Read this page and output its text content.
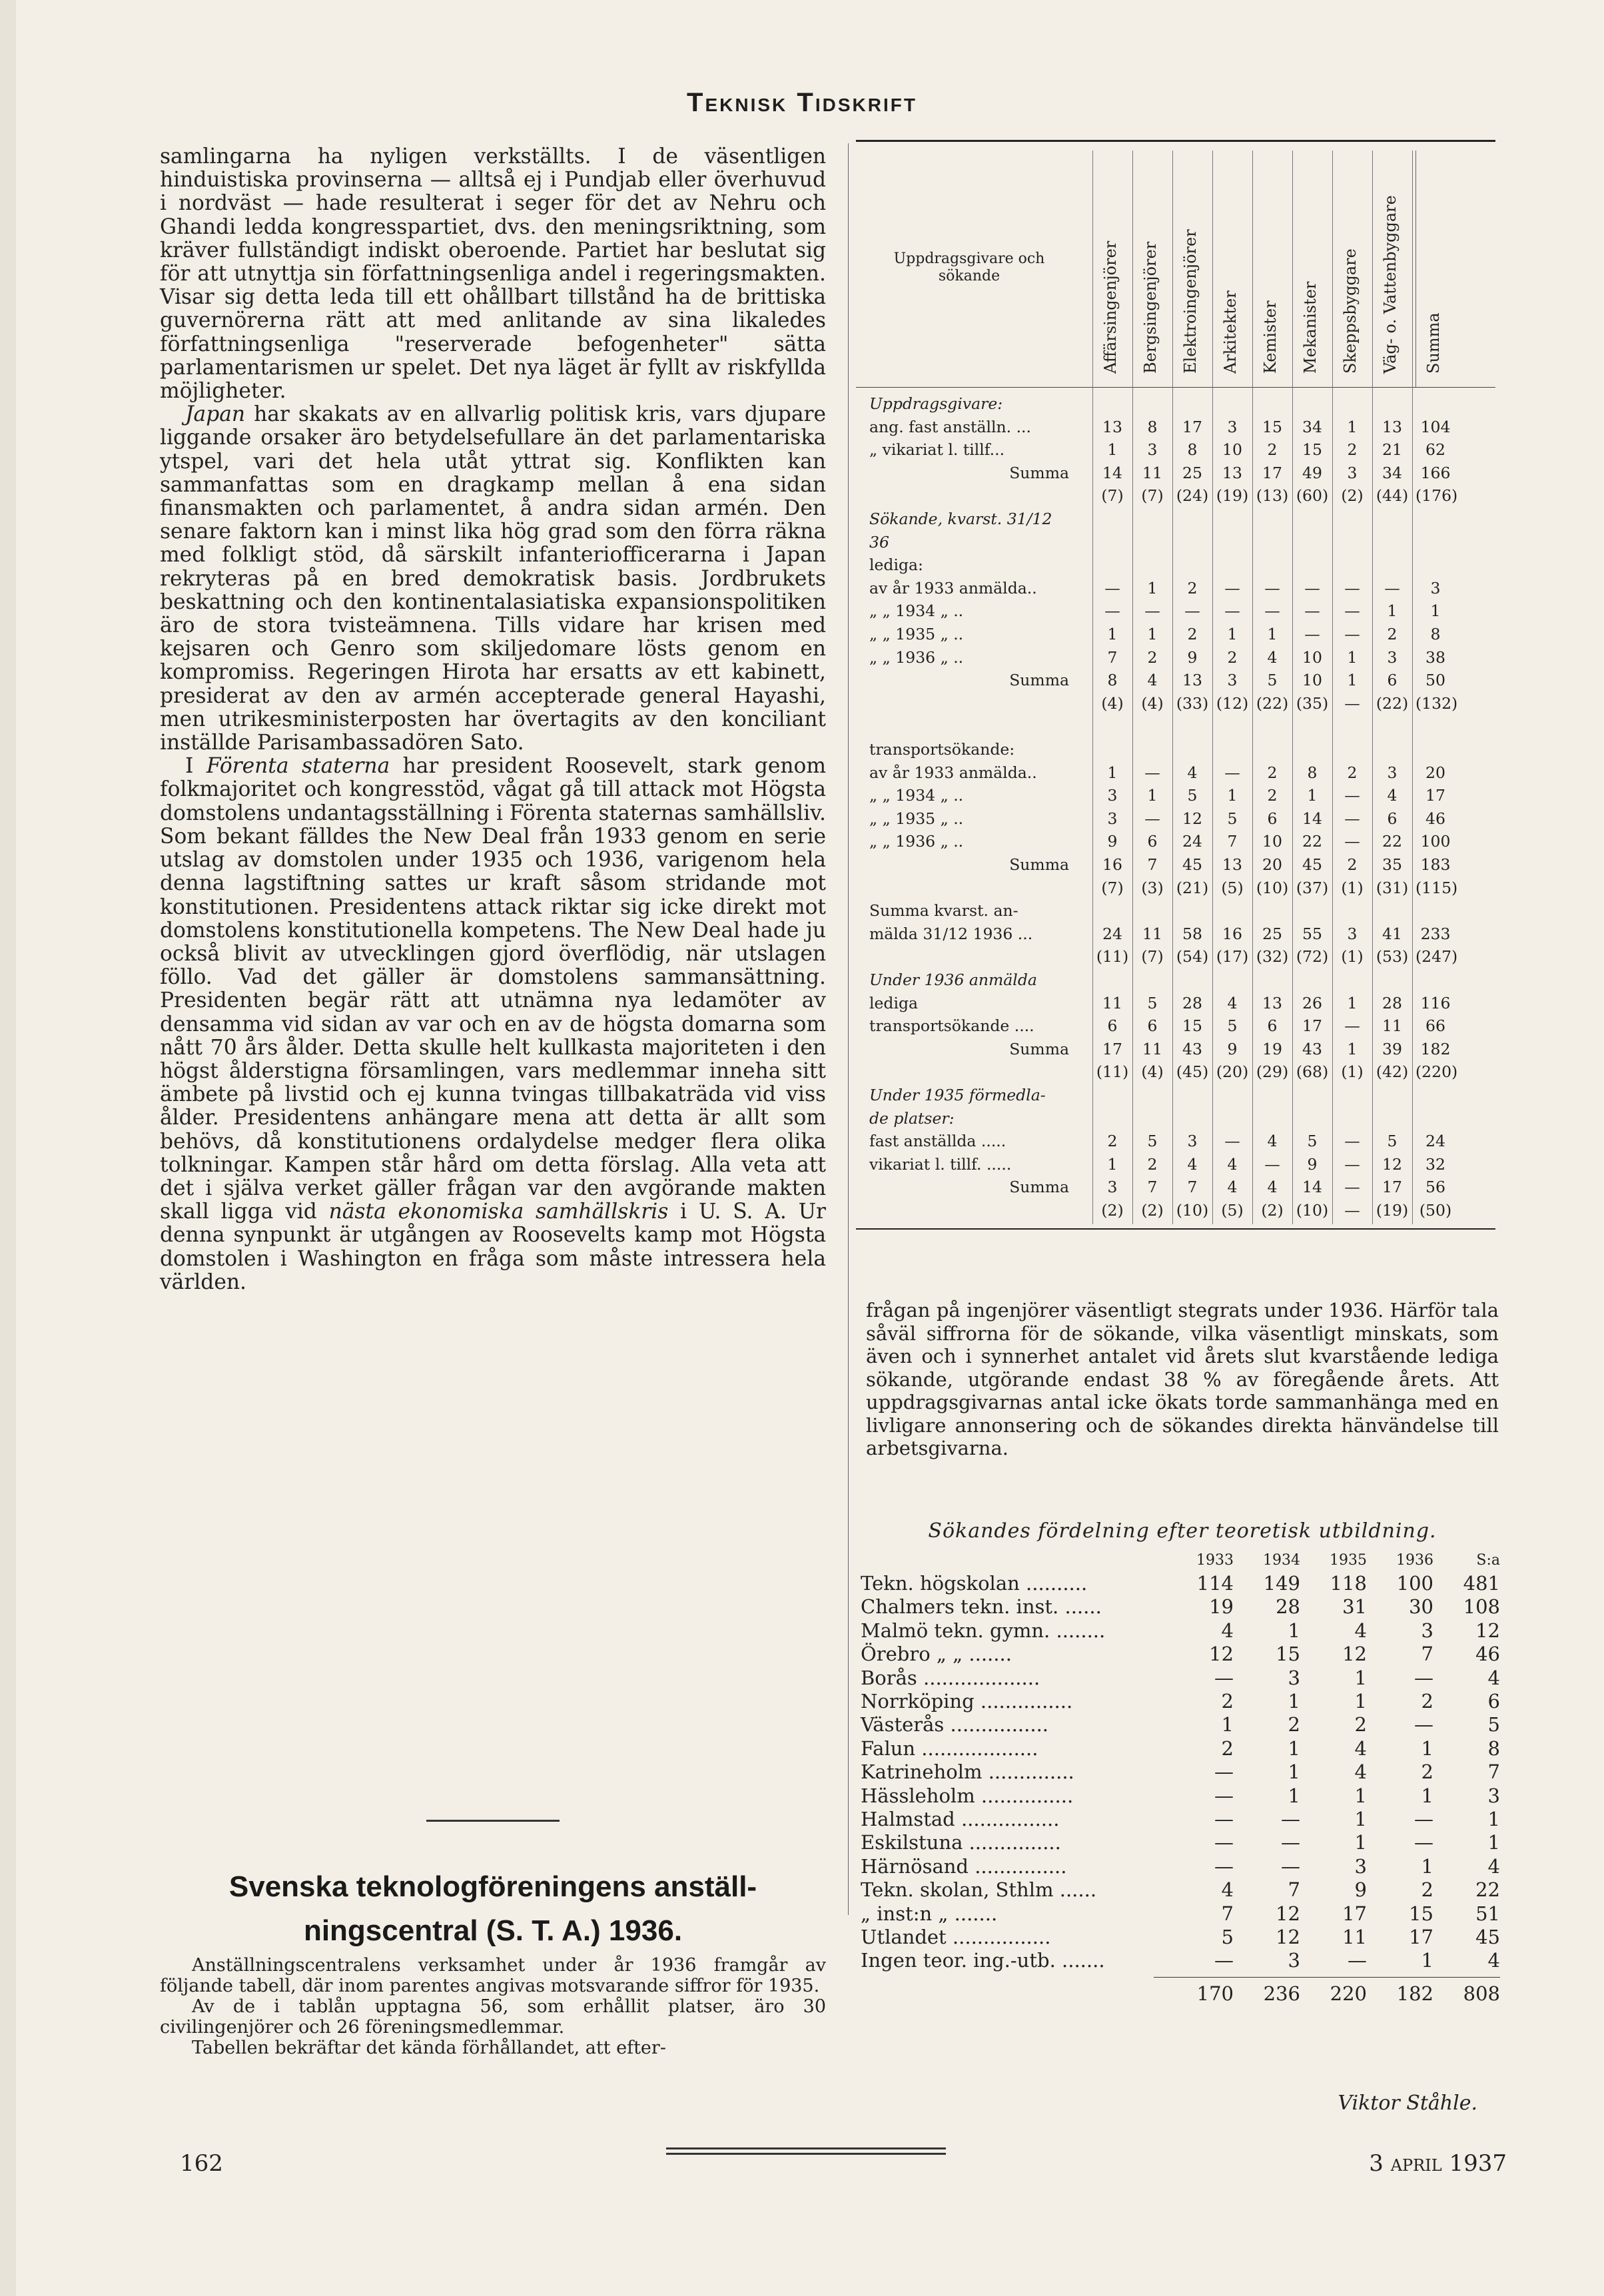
Teknisk Tidskrift

samlingarna ha nyligen verkställts. I de väsentligen hinduistiska provinserna — alltså ej i Pundjab eller överhuvud i nordväst — hade resulterat i seger för det av Nehru och Ghandi ledda kongresspartiet, dvs. den meningsriktning, som kräver fullständigt indiskt oberoende. Partiet har beslutat sig för att utnyttja sin författningsenliga andel i regeringsmakten. Visar sig detta leda till ett ohållbart tillstånd ha de brittiska guvernörerna rätt att med anlitande av sina likaledes författningsenliga "reserverade befogenheter" sätta parlamentarismen ur spelet. Det nya läget är fyllt av riskfyllda möjligheter.

Japan har skakats av en allvarlig politisk kris, vars djupare liggande orsaker äro betydelsefullare än det parlamentariska ytspel, vari det hela utåt yttrat sig. Konflikten kan sammanfattas som en dragkamp mellan å ena sidan finansmakten och parlamentet, å andra sidan armén. Den senare faktorn kan i minst lika hög grad som den förra räkna med folkligt stöd, då särskilt infanteriofficerarna i Japan rekryteras på en bred demokratisk basis. Jordbrukets beskattning och den kontinentalasiatiska expansionspolitiken äro de stora tvisteämnena. Tills vidare har krisen med kejsaren och Genro som skiljedomare lösts genom en kompromiss. Regeringen Hirota har ersatts av ett kabinett, presiderat av den av armén accepterade general Hayashi, men utrikesministerposten har övertagits av den konciliant inställde Parisambassadören Sato.

I Förenta staterna har president Roosevelt, stark genom folkmajoritet och kongresstöd, vågat gå till attack mot Högsta domstolens undantagsställning i Förenta staternas samhällsliv. Som bekant fälldes the New Deal från 1933 genom en serie utslag av domstolen under 1935 och 1936, varigenom hela denna lagstiftning sattes ur kraft såsom stridande mot konstitutionen. Presidentens attack riktar sig icke direkt mot domstolens konstitutionella kompetens. The New Deal hade ju också blivit av utvecklingen gjord överflödig, när utslagen föllo. Vad det gäller är domstolens sammansättning. Presidenten begär rätt att utnämna nya ledamöter av densamma vid sidan av var och en av de högsta domarna som nått 70 års ålder. Detta skulle helt kullkasta majoriteten i den högst ålderstigna församlingen, vars medlemmar inneha sitt ämbete på livstid och ej kunna tvingas tillbakaträda vid viss ålder. Presidentens anhängare mena att detta är allt som behövs, då konstitutionens ordalydelse medger flera olika tolkningar. Kampen står hård om detta förslag. Alla veta att det i själva verket gäller frågan var den avgörande makten skall ligga vid nästa ekonomiska samhällskris i U. S. A. Ur denna synpunkt är utgången av Roosevelts kamp mot Högsta domstolen i Washington en fråga som måste intressera hela världen.

Svenska teknologföreningens anställ-
ningscentral (S. T. A.) 1936.

Anställningscentralens verksamhet under år 1936 framgår av följande tabell, där inom parentes angivas motsvarande siffror för 1935.

Av de i tablån upptagna 56, som erhållit platser, äro 30 civilingenjörer och 26 föreningsmedlemmar.

Tabellen bekräftar det kända förhållandet, att efter-

Uppdragsgivare och sökande	Affärsingenjörer Bergsingenjörer Elektroingenjörer Arkitekter Kemister Mekanister Skeppsbyggare Väg- o. Vattenbyggare Summa
Uppdragsgivare:
ang. fast anställn. ...	13	8	17	3	15	34	1	13	104
„ vikariat l. tillf...	1	3	8	10	2	15	2	21	62
Summa	14	11	25	13	17	49	3	34	166
(7)	(7) (24) (19) (13) (60) (2) (44) (176)
Sökande, kvarst. 31/12
36
lediga:
av år 1933 anmälda..	—	1	2	—	—	—	—	—	3
„ „ 1934 „ ..	—	—	—	—	—	—	—	1	1
„ „ 1935 „ ..	1	1	2	1	1	—	—	2	8
„ „ 1936 „ ..	7	2	9	2	4	10	1	3	38
Summa	8	4	13	3	5	10	1	6	50
(4)	(4) (33) (12) (22) (35)	—	(22) (132)
transportsökande:
av år 1933 anmälda..	1	—	4	—	2	8	2	3	20
„ „ 1934 „ ..	3	1	5	1	2	1	—	4	17
„ „ 1935 „ ..	3	—	12	5	6	14	—	6	46
„ „ 1936 „ ..	9	6	24	7	10	22	—	22	100
Summa	16	7	45	13	20	45	2	35	183
(7)	(3) (21) (5) (10) (37) (1) (31) (115)
Summa kvarst. an-
mälda 31/12 1936 ...	24	11	58	16	25	55	3	41	233
(11) (7) (54) (17) (32) (72) (1) (53) (247)
Under 1936 anmälda
lediga	11	5	28	4	13	26	1	28	116
transportsökande ....	6	6	15	5	6	17	—	11	66
Summa	17	11	43	9	19	43	1	39	182
(11) (4) (45) (20) (29) (68) (1) (42) (220)
Under 1935 förmedla-
de platser:
fast anställda .....	2	5	3	—	4	5	—	5	24
vikariat l. tillf. .....	1	2	4	4	—	9	—	12	32
Summa	3	7	7	4	4	14	—	17	56
(2)	(2) (10) (5)	(2) (10)	—	(19) (50)

frågan på ingenjörer väsentligt stegrats under 1936. Härför tala såväl siffrorna för de sökande, vilka väsentligt minskats, som även och i synnerhet antalet vid årets slut kvarstående lediga sökande, utgörande endast 38 % av föregående årets. Att uppdragsgivarnas antal icke ökats torde sammanhänga med en livligare annonsering och de sökandes direkta hänvändelse till arbetsgivarna.

Sökandes fördelning efter teoretisk utbildning.
1933	1934	1935	1936	S:a
Tekn. högskolan ..........	114	149	118	100	481
Chalmers tekn. inst. ......	19	28	31	30	108
Malmö tekn. gymn. ........	4	1	4	3	12
Örebro „ „ .......	12	15	12	7	46
Borås ...................	—	3	1	—	4
Norrköping ...............	2	1	1	2	6
Västerås ................	1	2	2	—	5
Falun ...................	2	1	4	1	8
Katrineholm ..............	—	1	4	2	7
Hässleholm ...............	—	1	1	1	3
Halmstad ................	—	—	1	—	1
Eskilstuna ...............	—	—	1	—	1
Härnösand ...............	—	—	3	1	4
Tekn. skolan, Sthlm ......	4	7	9	2	22
„ inst:n „ .......	7	12	17	15	51
Utlandet ................	5	12	11	17	45
Ingen teor. ing.-utb. .......	—	3	—	1	4
170	236	220	182	808
Viktor Ståhle.
162	3 april 1937
